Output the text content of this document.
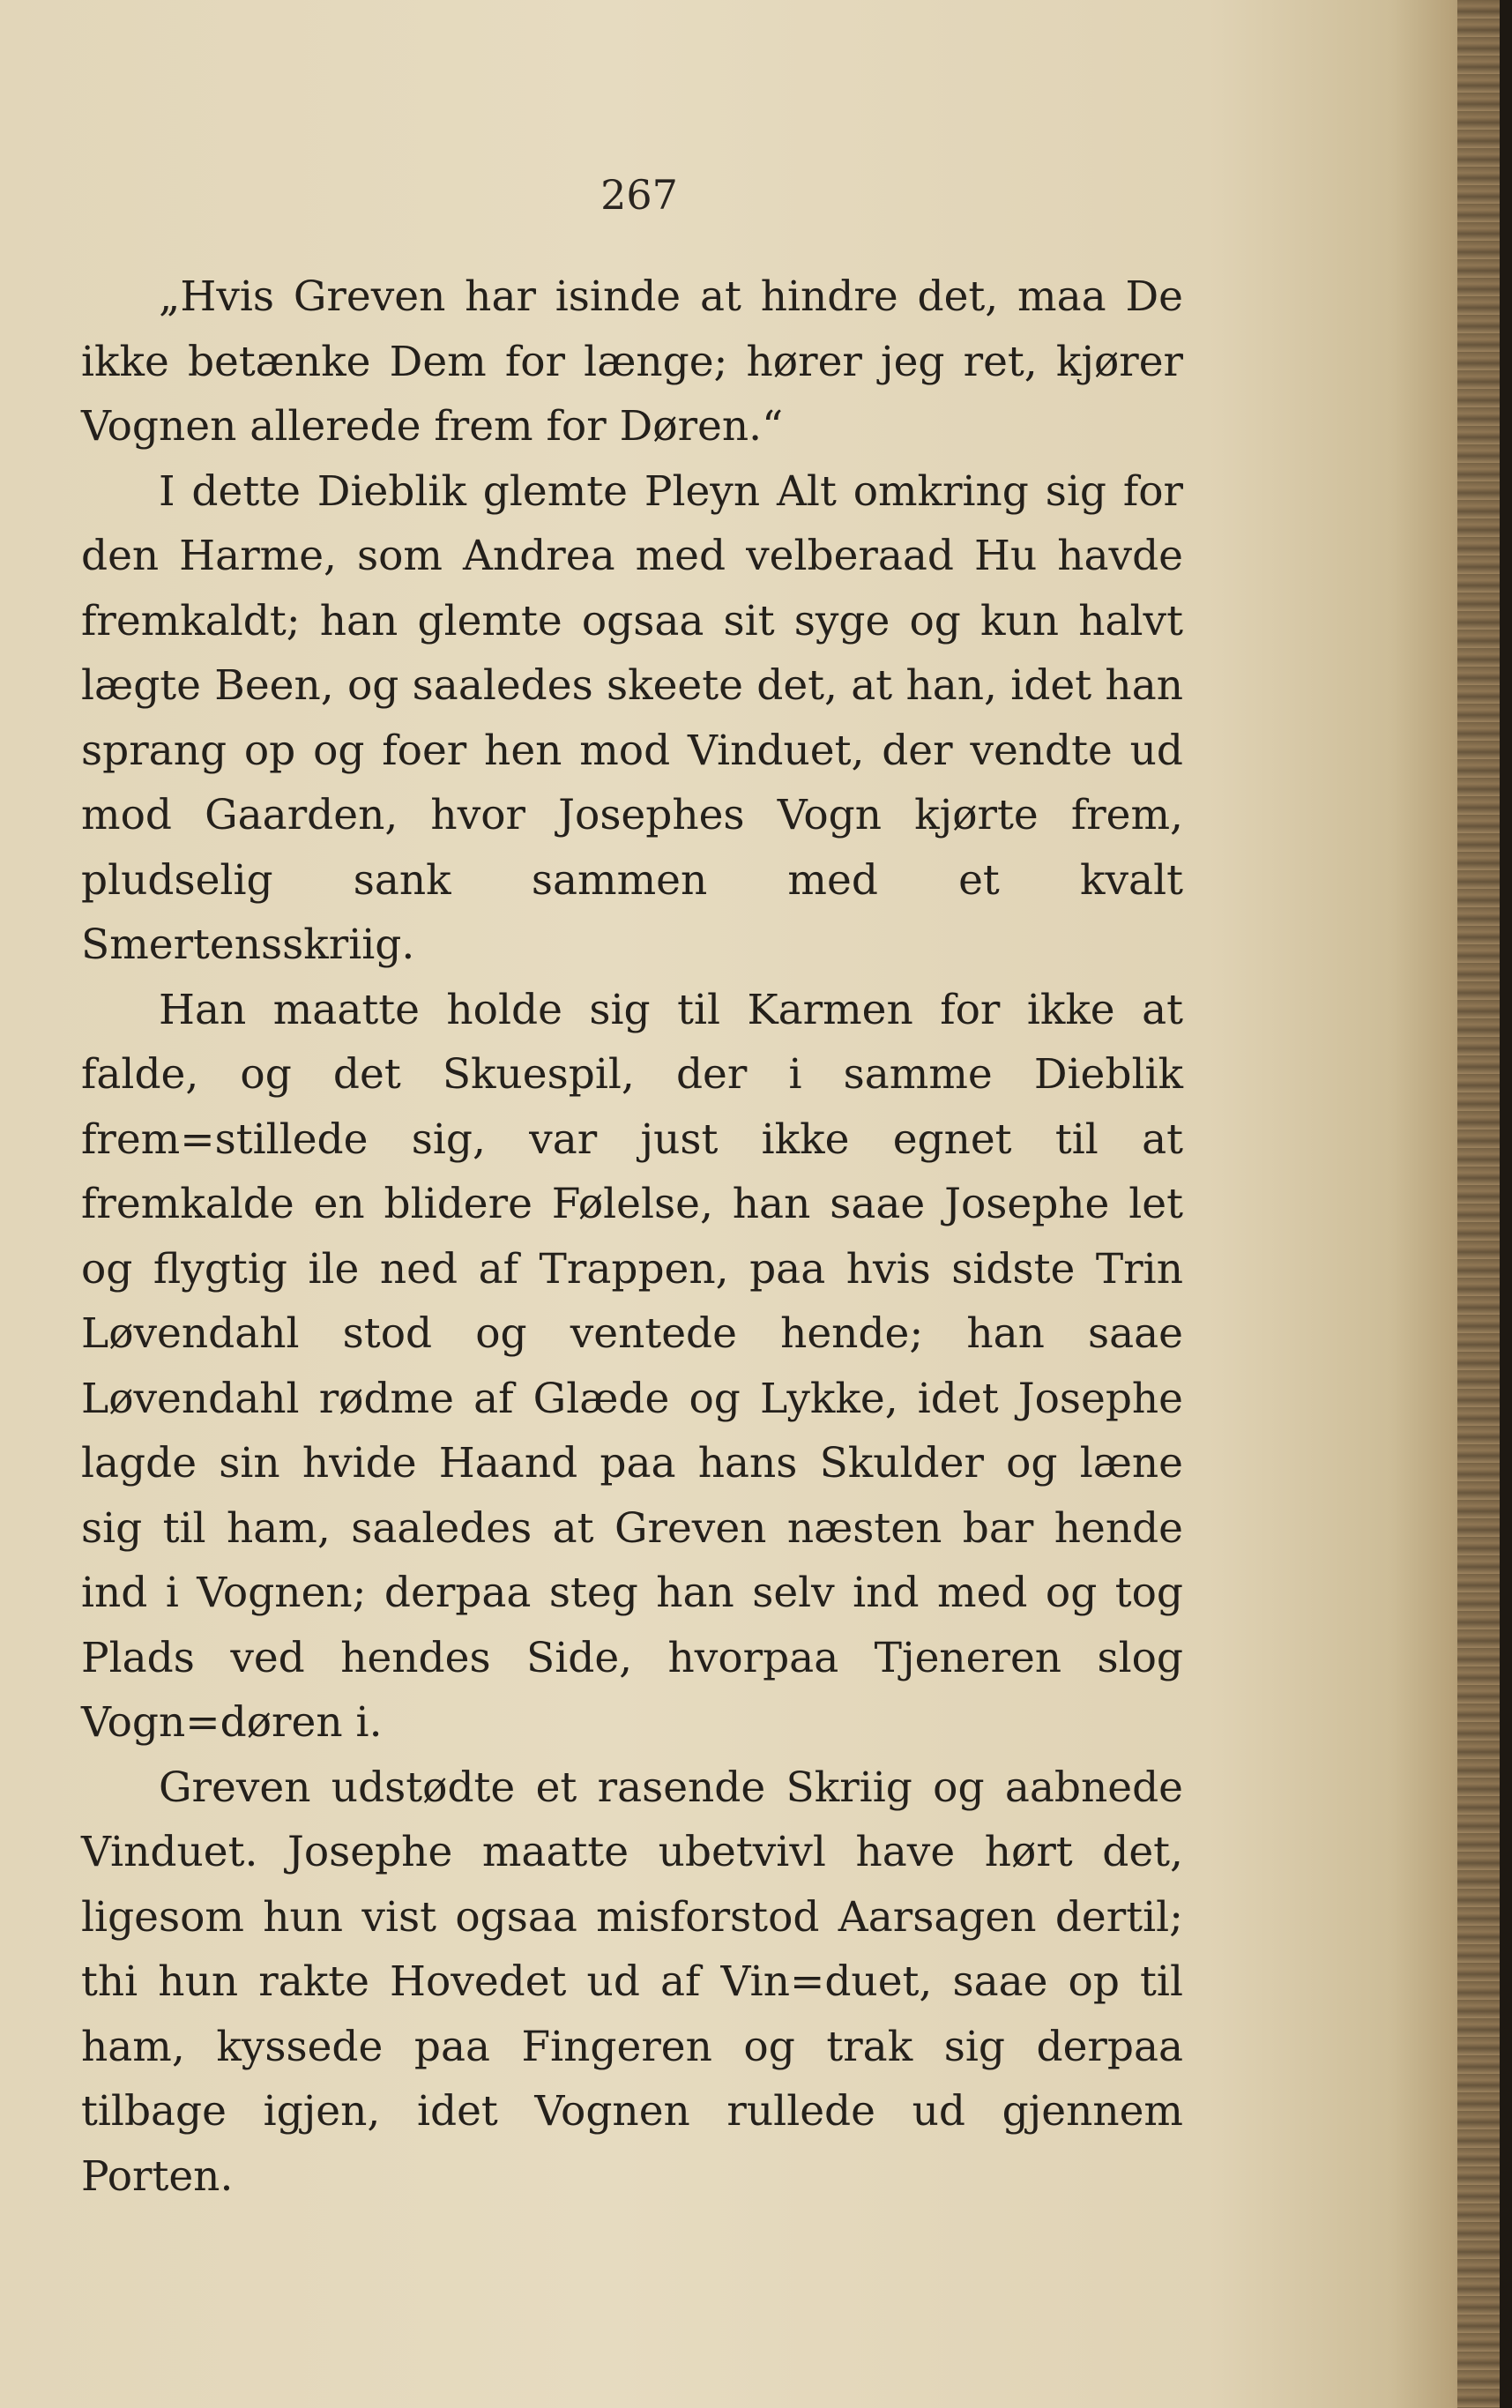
267

„Hvis Greven har isinde at hindre det, maa De ikke betænke Dem for længe; hører jeg ret, kjører Vognen allerede frem for Døren.“

I dette Dieblik glemte Pleyn Alt omkring sig for den Harme, som Andrea med velberaad Hu havde fremkaldt; han glemte ogsaa sit syge og kun halvt lægte Been, og saaledes skeete det, at han, idet han sprang op og foer hen mod Vinduet, der vendte ud mod Gaarden, hvor Josephes Vogn kjørte frem, pludselig sank sammen med et kvalt Smertensskriig.

Han maatte holde sig til Karmen for ikke at falde, og det Skuespil, der i samme Dieblik frem=stillede sig, var just ikke egnet til at fremkalde en blidere Følelse, han saae Josephe let og flygtig ile ned af Trappen, paa hvis sidste Trin Løvendahl stod og ventede hende; han saae Løvendahl rødme af Glæde og Lykke, idet Josephe lagde sin hvide Haand paa hans Skulder og læne sig til ham, saaledes at Greven næsten bar hende ind i Vognen; derpaa steg han selv ind med og tog Plads ved hendes Side, hvorpaa Tjeneren slog Vogn=døren i.

Greven udstødte et rasende Skriig og aabnede Vinduet. Josephe maatte ubetvivl have hørt det, ligesom hun vist ogsaa misforstod Aarsagen dertil; thi hun rakte Hovedet ud af Vin=duet, saae op til ham, kyssede paa Fingeren og trak sig derpaa tilbage igjen, idet Vognen rullede ud gjennem Porten.
